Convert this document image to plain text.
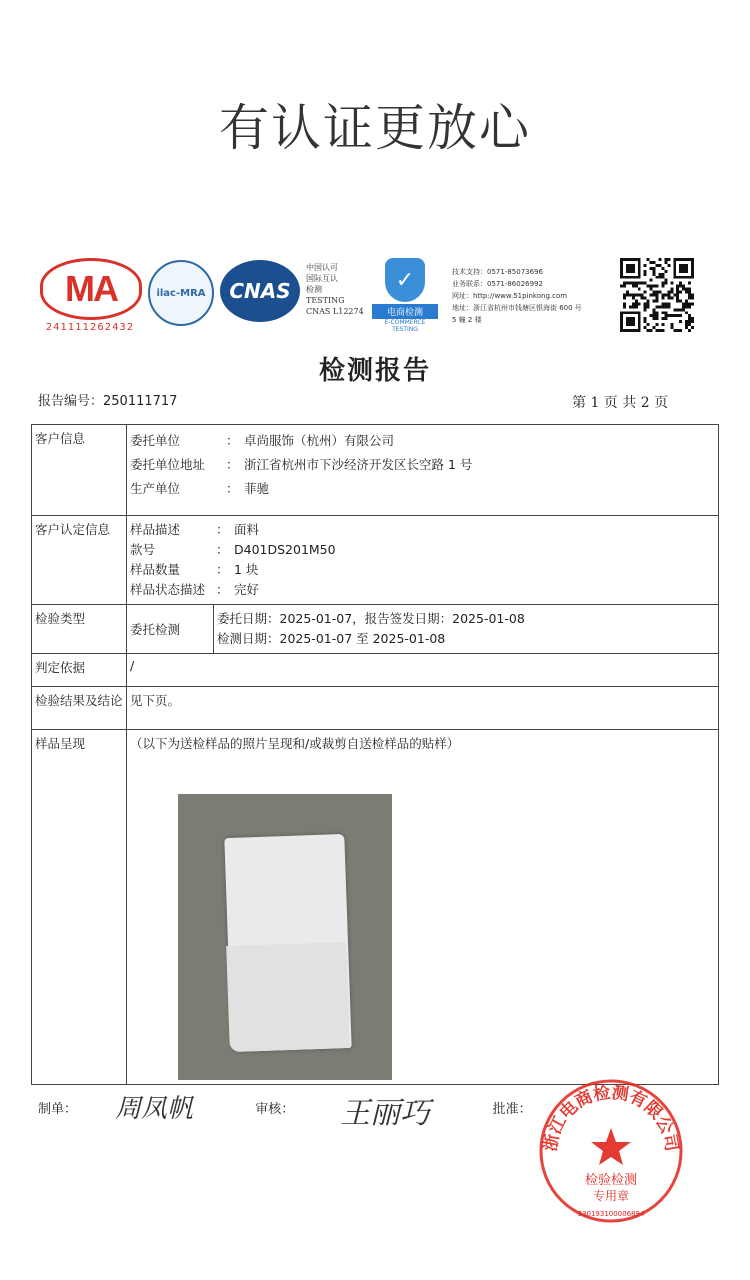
有认证更放心
MA
241111262432
ilac-MRA CNAS
中国认可
国际互认
检测
TESTING
CNAS L12274
✓
电商检测
E-COMMERCE TESTING
技术支持：0571-85073696
业务联系：0571-86026992
网址：http://www.51pinkong.com
地址：浙江省杭州市钱塘区银海街 600 号
5 幢 2 楼
检测报告
报告编号：250111717	第 1 页 共 2 页
客户信息	委托单位 ： 卓尚服饰（杭州）有限公司
委托单位地址 ： 浙江省杭州市下沙经济开发区长空路 1 号
生产单位 ： 菲驰	

客户认定信息	样品描述 ： 面料
款号 ： D401DS201M50
样品数量 ： 1 块
样品状态描述 ： 完好	

检验类型	委托检测	委托日期：2025-01-07，报告签发日期：2025-01-08
检测日期：2025-01-07 至 2025-01-08

判定依据	/	
检验结果及结论	见下页。	
样品呈现	（以下为送检样品的照片呈现和/或裁剪自送检样品的贴样）	
制单：	审核：	批准：
周凤帆	王丽巧
浙江电商检测有限公司
检验检测
专用章
330193100006894
